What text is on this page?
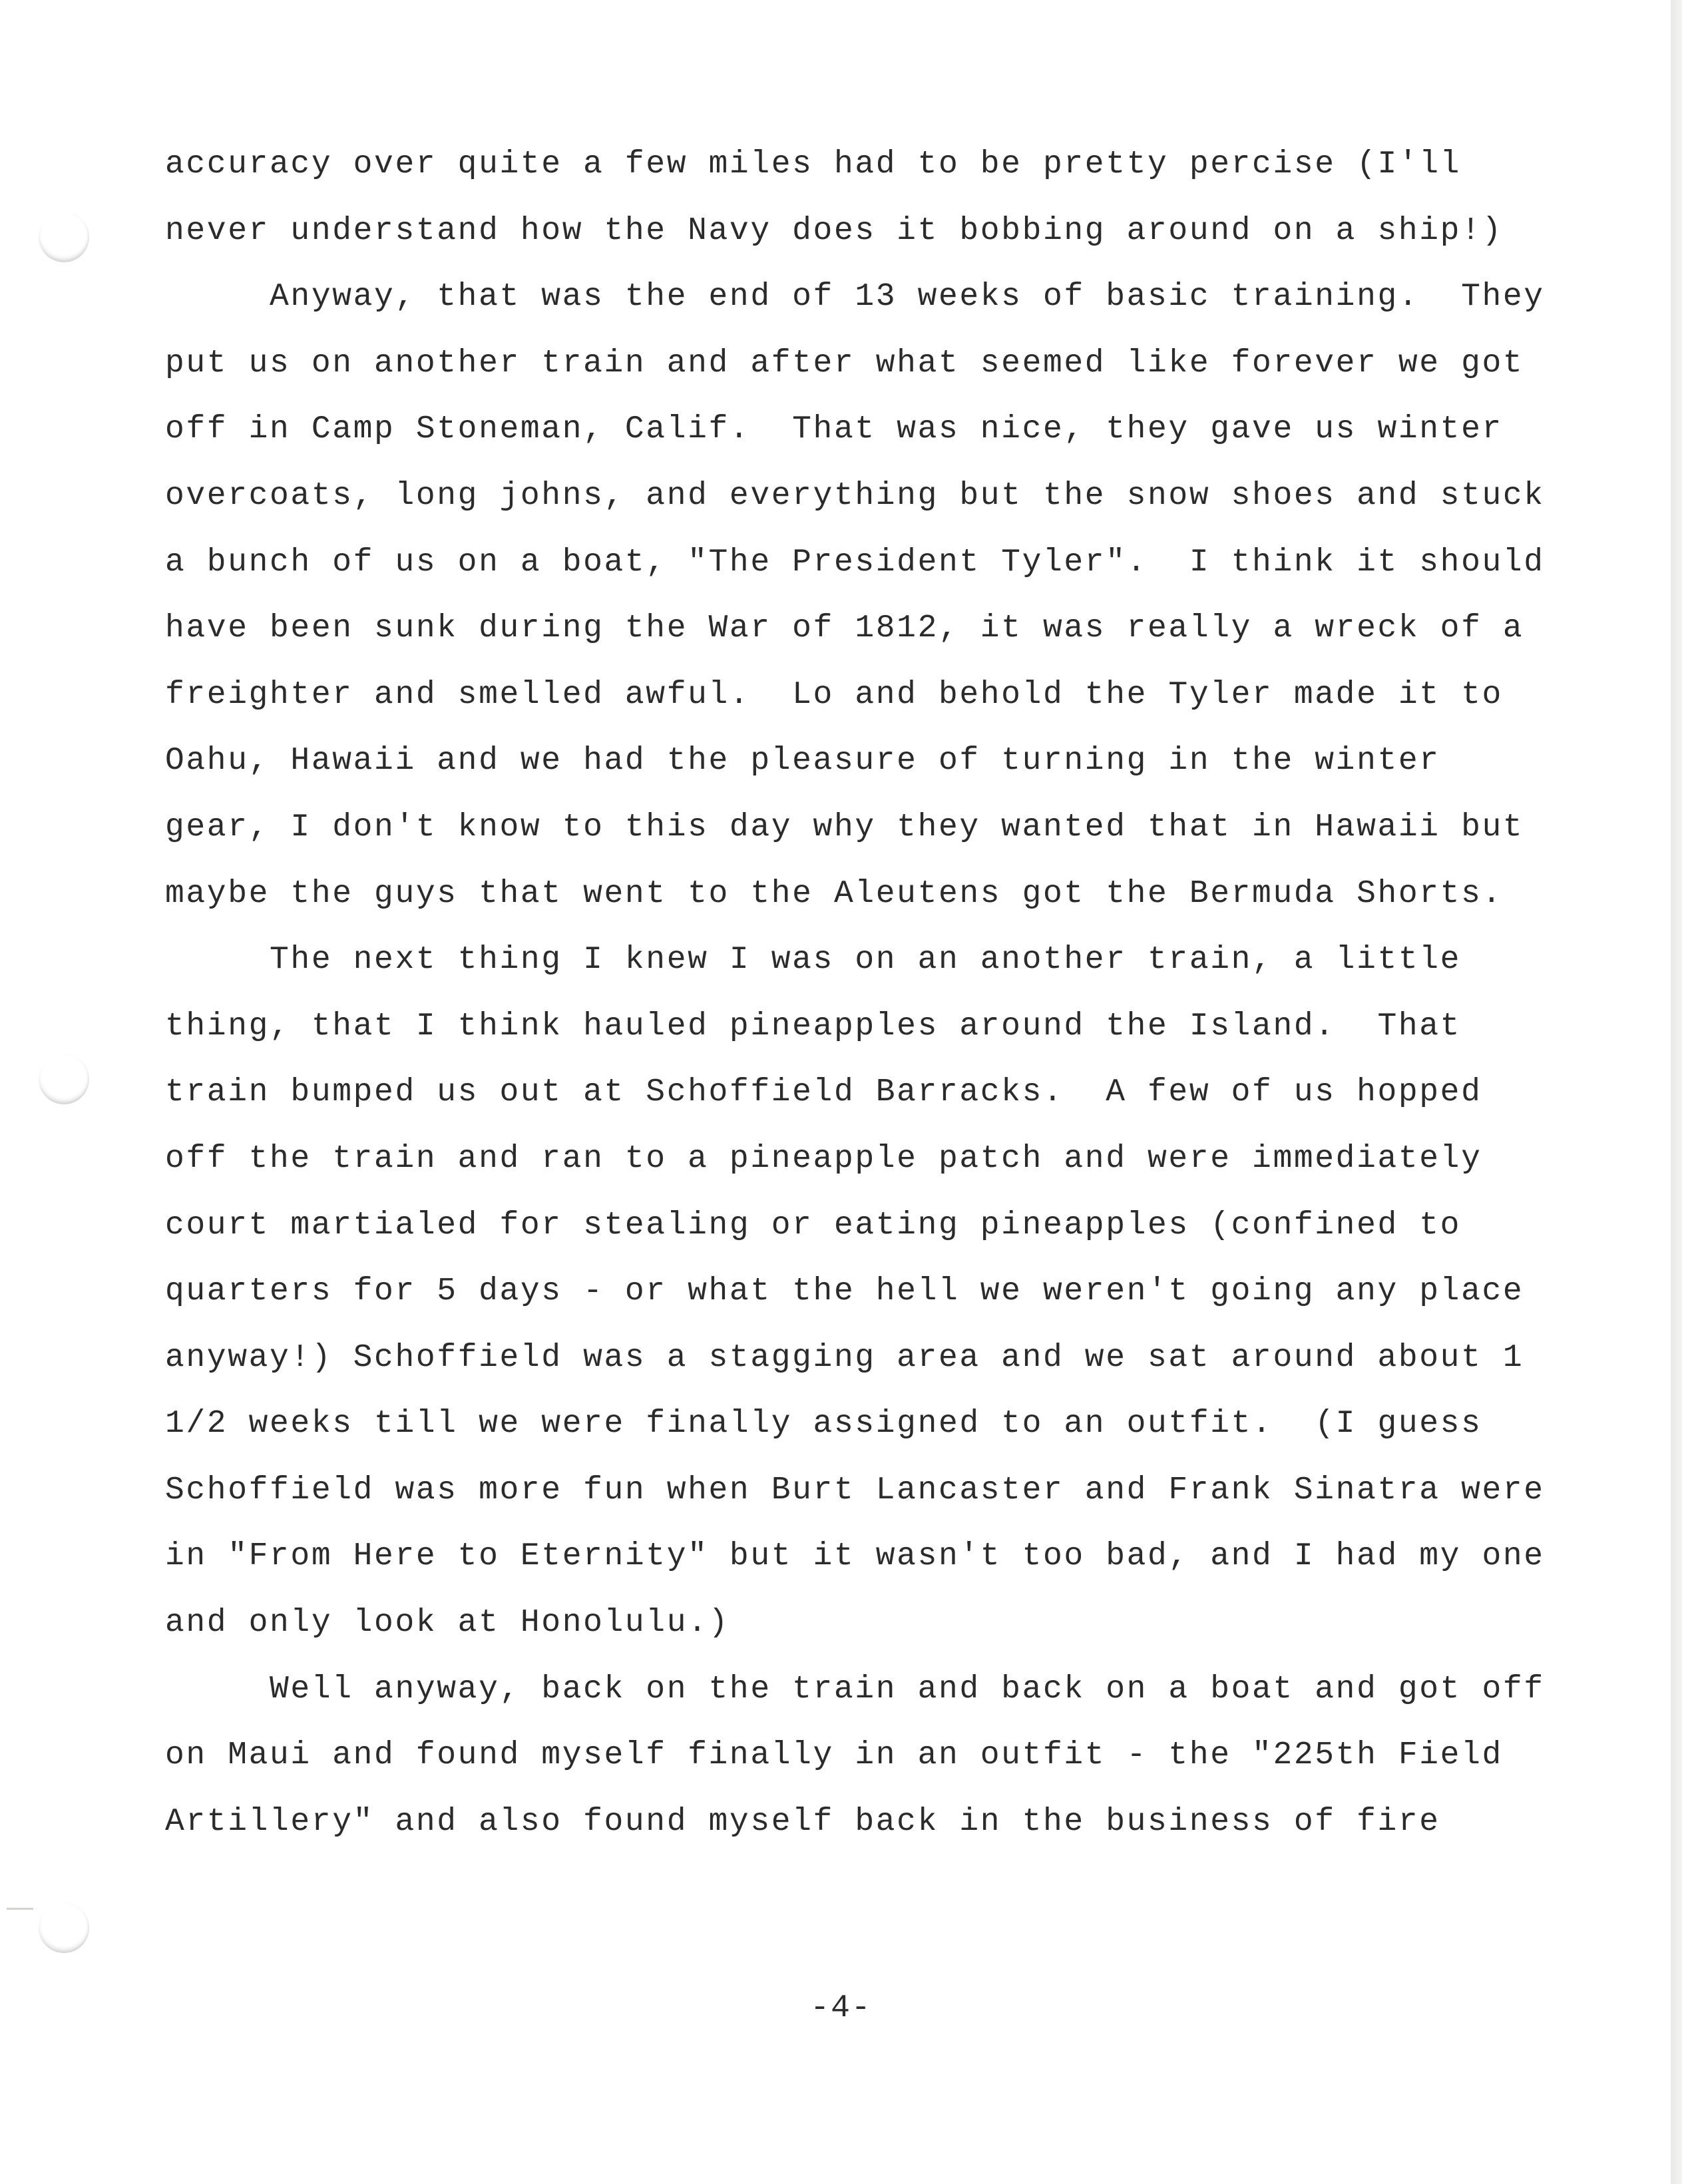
accuracy over quite a few miles had to be pretty percise (I'll
never understand how the Navy does it bobbing around on a ship!)
Anyway, that was the end of 13 weeks of basic training.  They
put us on another train and after what seemed like forever we got
off in Camp Stoneman, Calif.  That was nice, they gave us winter
overcoats, long johns, and everything but the snow shoes and stuck
a bunch of us on a boat, "The President Tyler".  I think it should
have been sunk during the War of 1812, it was really a wreck of a
freighter and smelled awful.  Lo and behold the Tyler made it to
Oahu, Hawaii and we had the pleasure of turning in the winter
gear, I don't know to this day why they wanted that in Hawaii but
maybe the guys that went to the Aleutens got the Bermuda Shorts.
The next thing I knew I was on an another train, a little
thing, that I think hauled pineapples around the Island.  That
train bumped us out at Schoffield Barracks.  A few of us hopped
off the train and ran to a pineapple patch and were immediately
court martialed for stealing or eating pineapples (confined to
quarters for 5 days - or what the hell we weren't going any place
anyway!) Schoffield was a stagging area and we sat around about 1
1/2 weeks till we were finally assigned to an outfit.  (I guess
Schoffield was more fun when Burt Lancaster and Frank Sinatra were
in "From Here to Eternity" but it wasn't too bad, and I had my one
and only look at Honolulu.)
Well anyway, back on the train and back on a boat and got off
on Maui and found myself finally in an outfit - the "225th Field
Artillery" and also found myself back in the business of fire
-4-
